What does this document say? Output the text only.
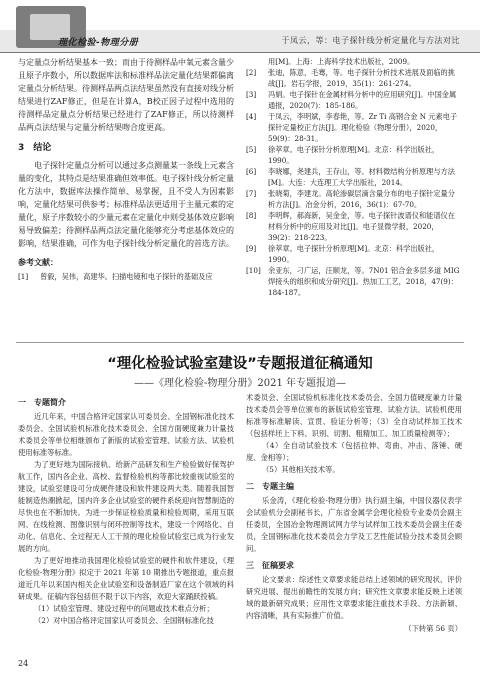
理化检验-物理分册	于凤云，等：电子探针线分析定量化与方法对比

与定量点分析结果基本一致；而由于待测样品中氧元素含量少且原子序数小，所以数据库法和标准样品法定量化结果都偏离定量点分析结果。待测样品两点法结果虽然没有直接对线分析结果进行ZAF修正，但是在计算A，B校正因子过程中选用的待测样品定量点分析结果已经进行了ZAF修正，所以待测样品两点法结果与定量分析结果吻合度更高。

3　结论

电子探针定量点分析可以通过多点测量某一条线上元素含量的变化，其特点是结果准确但效率低。电子探针线分析定量化方法中，数据库法操作简单、易掌握，且不受人为因素影响，定量化结果可供参考；标准样品法更适用于主量元素的定量化，原子序数较小的少量元素在定量化中则受基体效应影响易导致偏差；待测样品两点法定量化能够充分考虑基体效应的影响，结果准确，可作为电子探针线分析定量化的首选方法。

参考文献：
[1]	曾毅，吴伟，高建华。扫描电镜和电子探针的基础及应
用[M]。上海：上海科学技术出版社，2009。
[2]	张迪，陈意，毛骞，等。电子探针分析技术进展及面临的挑战[J]。岩石学报，2019，35(1)：261-274。
[3]	冯娟。电子探针在金属材料分析中的应用研究[J]。中国金属通报，2020(7)：185-186。
[4]	于凤云，李明斌，李春艳，等。Zr Ti 高钢合金 N 元素电子探针定量校正方法[J]。理化检验（物理分册），2020，59(9)：28-31。
[5]	徐萃章。电子探针分析原理[M]。北京：科学出版社，1990。
[6]	李晓娜，尧建兵，王存山，等。材料微结构分析原理与方法[M]。大连：大连理工大学出版社，2014。
[7]	张晓菊，李建龙。高轮渗碳层滴含量分布的电子探针定量分析方法[J]。冶金分析，2016，36(1)：67-70。
[8]	李明辉，郝海新，吴金金，等。电子探针波谱仪和能谱仪在材料分析中的应用及对比[J]。电子显微学报，2020，39(2)：218-223。
[9]	徐萃章。电子探针分析原理[M]。北京：科学出版社，1990。
[10]	余亚东，刁广运，汪顺龙，等。7N01 铝合金多层多道 MIG 焊接头的组织和成分研究[J]。热加工工艺，2018，47(9)：184-187。
“理化检验试验室建设”专题报道征稿通知
——《理化检验-物理分册》2021 年专题报道—
一　专题简介

近几年来，中国合格评定国家认可委员会、全国钢标准化技术委员会、全国试验机标准化技术委员会、全国方面硬度兼力计量技术委员会等单位相继颁布了新版的试验室管理、试验方法、试验机使用标准等标准。

为了更好地为国际接轨、给新产品研发和生产检验做好保驾护航工作，国内各企业、高校、监督检验机构等都比较重视试验室的建设，试验室建设可分成硬件建设和软件建设两大类。随着我国智能制造热潮掀起，国内许多企业试验室的硬件系统迎向智慧制造的尽快也在不断加快。为进一步保证检验质量和检验周期，采用互联网、在线检测、图像识别与闭环控制等技术，建设一个网络化、自动化、信息化、全过程无人工干预的理化检验试验室已成为行业发展的方向。

为了更好地推动我国理化检验试验室的硬件和软件建设，《理化检验-物理分册》拟定于 2021 年第 10 期推出专题报道，重点报道近几年以来国内相关企业试验室和设备制造厂家在这个领域的科研成果。征稿内容包括但不限于以下内容，欢迎大家踊跃投稿。

（1）试验室管理、建设过程中的问题或技术难点分析；

（2）对中国合格评定国家认可委员会、全国钢标准化技

术委员会、全国试验机标准化技术委员会、全国力值硬度兼力计量技术委员会等单位颁布的新版试验室管理、试验方法、试验机使用标准等标准解读、宣贯、验证分析等；（3）全自动试样加工技术（包括样坯上下料、识别、切割、粗精加工、加工质量检测等）；

（4）全自动试验技术（包括拉伸、弯曲、冲击、落锤、硬度、金相等）；

（5）其他相关技术等。

二　专题主编

乐金涛，《理化检验-物理分册》执行副主编，中国仪器仪表学会试验机分会副秘书长，广东省金属学会理化检验专业委员会副主任委员，全国冶金物理测试网力学与试样加工技术委员会副主任委员，全国钢标准化技术委员会力学及工艺性能试验分技术委员会顾问。

三　征稿要求

论文要求：综述性文章要求能总结上述领域的研究现状、评价研究进展、提出前瞻性的发展方向；研究性文章要求能反映上述领域的最新研究成果；应用性文章要求能注重技术手段、方法新颖、内容清晰，具有实际推广价值。

（下转第 56 页）
24
